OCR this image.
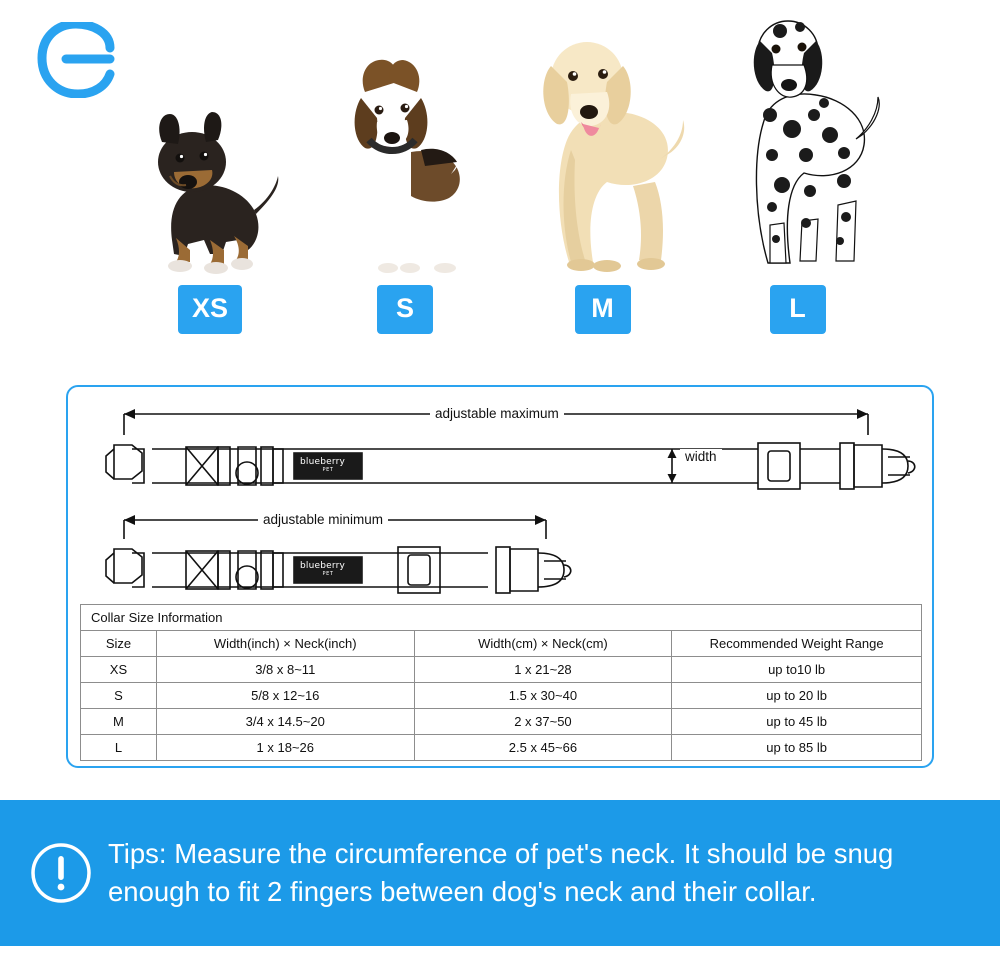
XS	S	M	L
adjustable maximum
adjustable minimum
width
blueberry
PET
blueberry
PET
Collar Size Information			
Size	Width(inch) × Neck(inch)	Width(cm) × Neck(cm)	Recommended Weight Range
XS	3/8 x 8~11	1 x 21~28	up to10 lb
S	5/8 x 12~16	1.5 x 30~40	up to 20 lb
M	3/4 x 14.5~20	2 x 37~50	up to 45 lb
L	1 x 18~26	2.5 x 45~66	up to 85 lb
Tips: Measure the circumference of pet's neck. It should be snug enough to fit 2 fingers between dog's neck and their collar.
